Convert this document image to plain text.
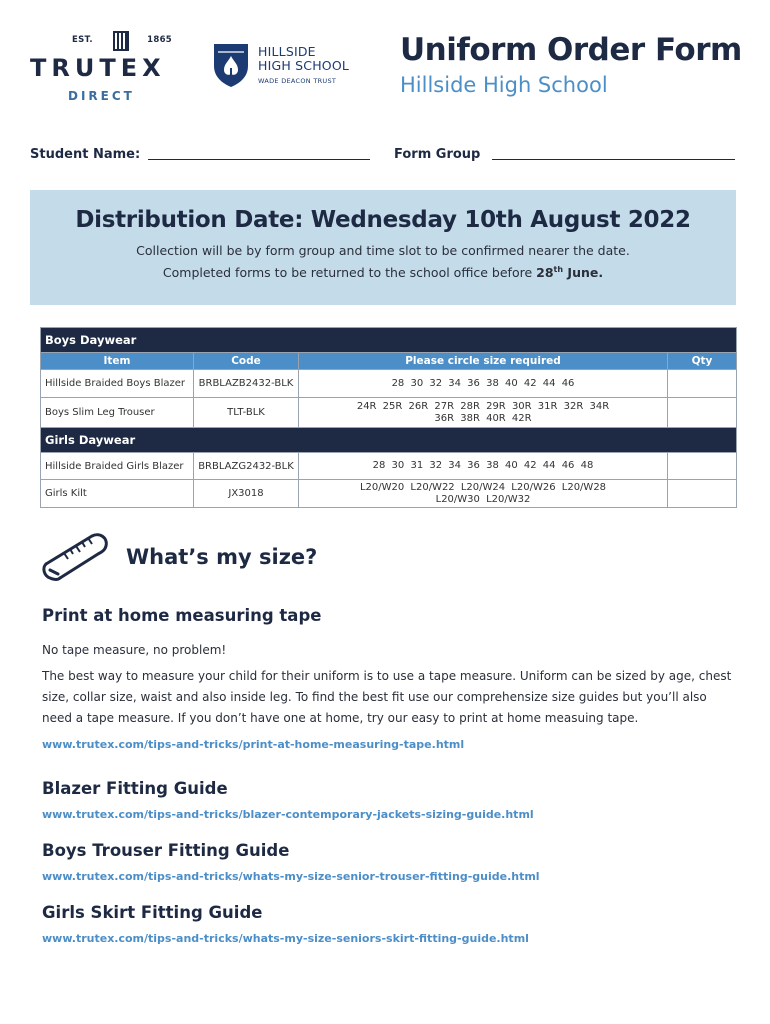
EST.	1865
TRUTEX
DIRECT
HILLSIDE
HIGH SCHOOL
WADE DEACON TRUST
Uniform Order Form
Hillside High School
Student Name:	Form Group
Distribution Date: Wednesday 10th August 2022
Collection will be by form group and time slot to be confirmed nearer the date.
Completed forms to be returned to the school office before 28th June.
Boys Daywear			
Item	Code	Please circle size required	Qty
Hillside Braided Boys Blazer	BRBLAZB2432-BLK	28 30 32 34 36 38 40 42 44 46	

Boys Slim Leg Trouser	TLT-BLK	24R 25R 26R 27R 28R 29R 30R 31R 32R 34R
36R 38R 40R 42R	

Girls Daywear			
Hillside Braided Girls Blazer	BRBLAZG2432-BLK	28 30 31 32 34 36 38 40 42 44 46 48	

Girls Kilt	JX3018	L20/W20 L20/W22 L20/W24 L20/W26 L20/W28
L20/W30 L20/W32	

What’s my size?
Print at home measuring tape
No tape measure, no problem!
The best way to measure your child for their uniform is to use a tape measure. Uniform can be sized by age, chest size, collar size, waist and also inside leg. To find the best fit use our comprehensize size guides but you’ll also need a tape measure. If you don’t have one at home, try our easy to print at home measuing tape.
www.trutex.com/tips-and-tricks/print-at-home-measuring-tape.html
Blazer Fitting Guide
www.trutex.com/tips-and-tricks/blazer-contemporary-jackets-sizing-guide.html
Boys Trouser Fitting Guide
www.trutex.com/tips-and-tricks/whats-my-size-senior-trouser-fitting-guide.html
Girls Skirt Fitting Guide
www.trutex.com/tips-and-tricks/whats-my-size-seniors-skirt-fitting-guide.html
